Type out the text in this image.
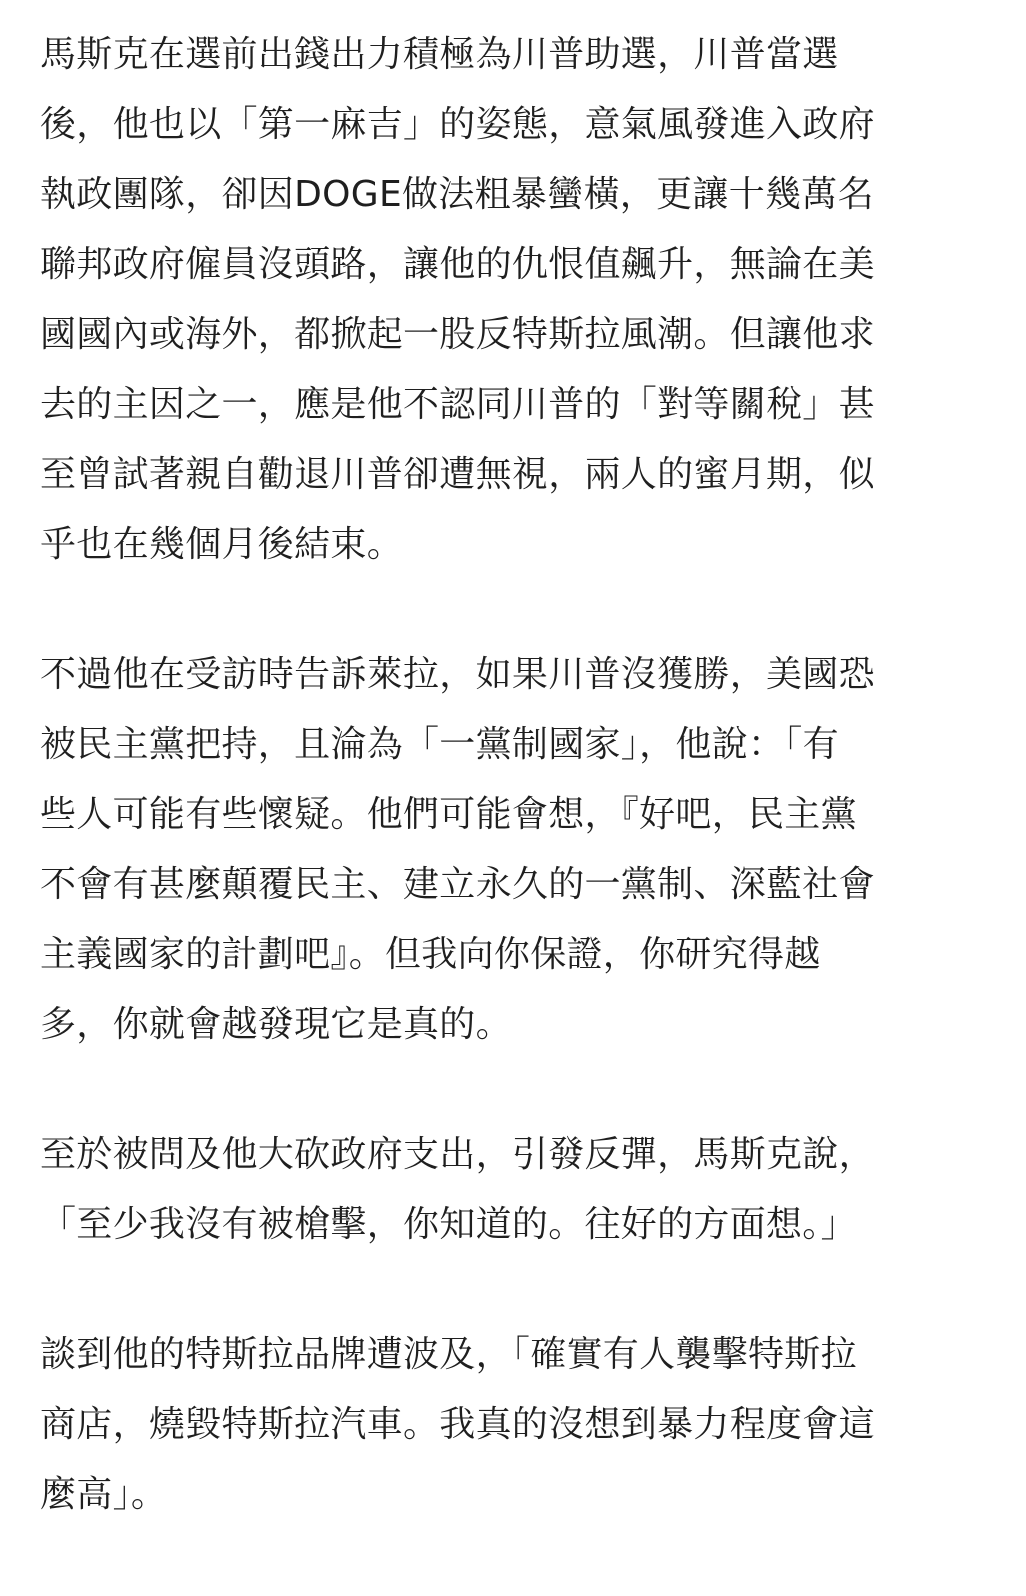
馬斯克在選前出錢出力積極為川普助選，川普當選
後，他也以「第一麻吉」的姿態，意氣風發進入政府
執政團隊，卻因DOGE做法粗暴蠻橫，更讓十幾萬名
聯邦政府僱員沒頭路，讓他的仇恨值飆升，無論在美
國國內或海外，都掀起一股反特斯拉風潮。但讓他求
去的主因之一，應是他不認同川普的「對等關稅」甚
至曾試著親自勸退川普卻遭無視，兩人的蜜月期，似
乎也在幾個月後結束。
不過他在受訪時告訴萊拉，如果川普沒獲勝，美國恐
被民主黨把持，且淪為「一黨制國家」，他說：「有
些人可能有些懷疑。他們可能會想，『好吧，民主黨
不會有甚麼顛覆民主、建立永久的一黨制、深藍社會
主義國家的計劃吧』。但我向你保證，你研究得越
多，你就會越發現它是真的。
至於被問及他大砍政府支出，引發反彈，馬斯克說，
「至少我沒有被槍擊，你知道的。往好的方面想。」
談到他的特斯拉品牌遭波及，「確實有人襲擊特斯拉
商店，燒毀特斯拉汽車。我真的沒想到暴力程度會這
麼高」。
